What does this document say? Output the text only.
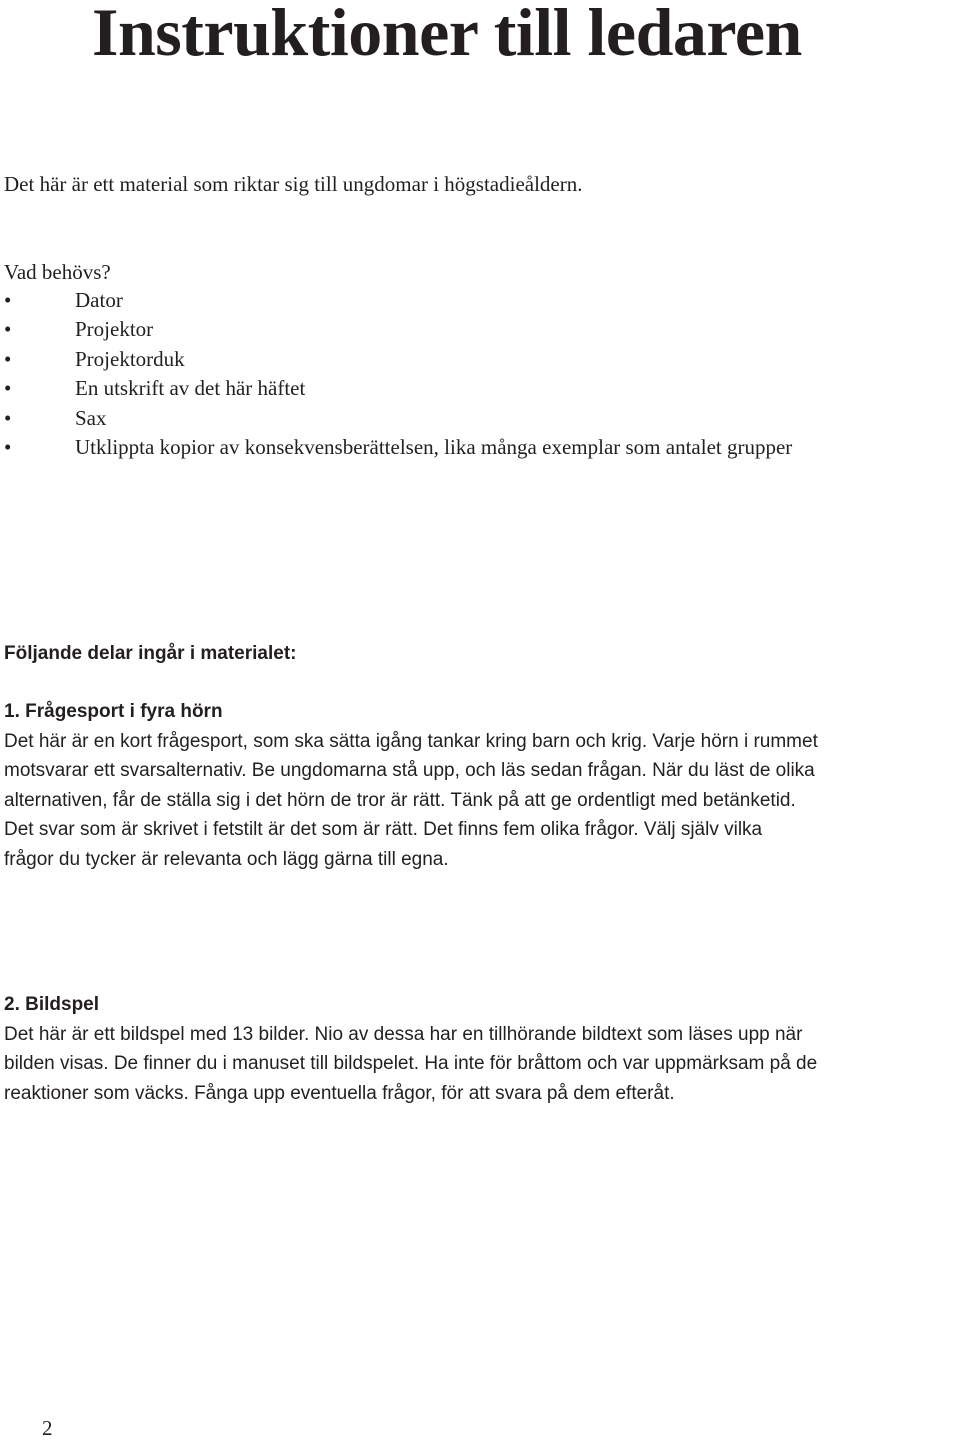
Instruktioner till ledaren

Det här är ett material som riktar sig till ungdomar i högstadieåldern.

Vad behövs?

•	Dator
•	Projektor
•	Projektorduk
•	En utskrift av det här häftet
•	Sax
•	Utklippta kopior av konsekvensberättelsen, lika många exemplar som antalet grupper

Följande delar ingår i materialet:

1. Frågesport i fyra hörn

Det här är en kort frågesport, som ska sätta igång tankar kring barn och krig. Varje hörn i rummet
motsvarar ett svarsalternativ. Be ungdomarna stå upp, och läs sedan frågan. När du läst de olika
alternativen, får de ställa sig i det hörn de tror är rätt. Tänk på att ge ordentligt med betänketid.
Det svar som är skrivet i fetstilt är det som är rätt. Det finns fem olika frågor. Välj själv vilka
frågor du tycker är relevanta och lägg gärna till egna.

2. Bildspel

Det här är ett bildspel med 13 bilder. Nio av dessa har en tillhörande bildtext som läses upp när
bilden visas. De finner du i manuset till bildspelet. Ha inte för bråttom och var uppmärksam på de
reaktioner som väcks. Fånga upp eventuella frågor, för att svara på dem efteråt.

2
